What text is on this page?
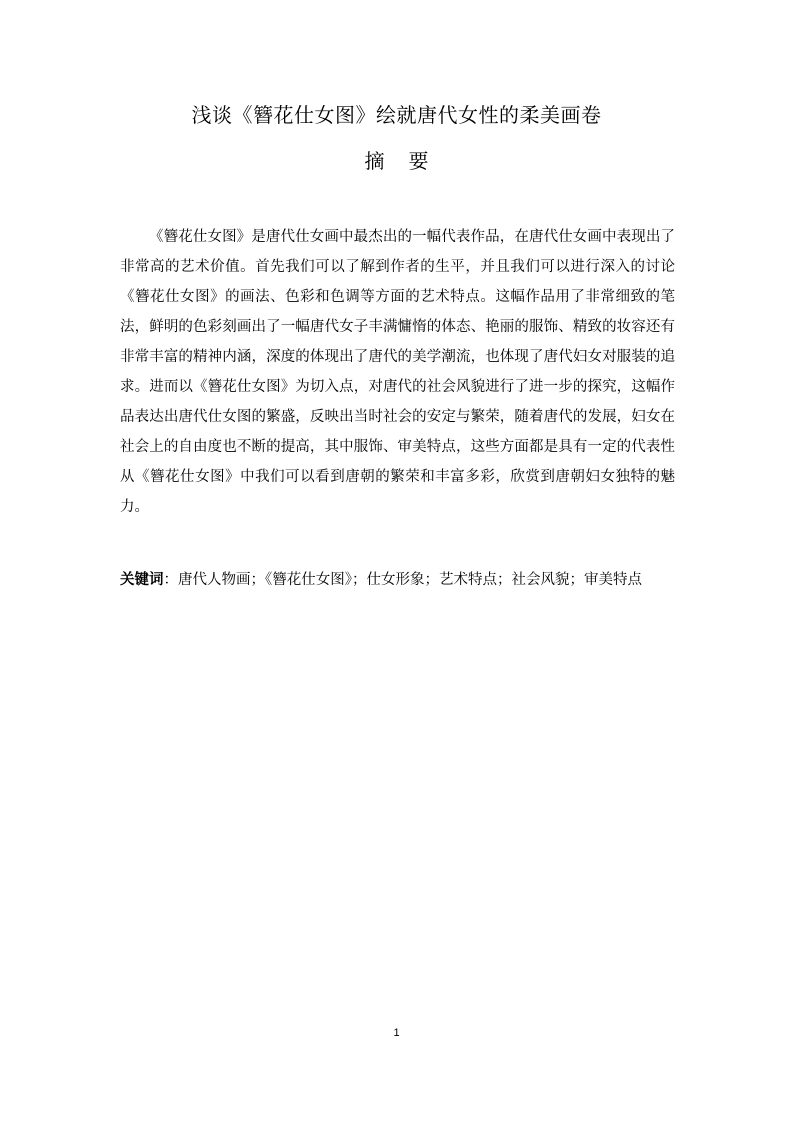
浅谈《簪花仕女图》绘就唐代女性的柔美画卷
摘要

《簪花仕女图》是唐代仕女画中最杰出的一幅代表作品，在唐代仕女画中表现出了非常高的艺术价值。首先我们可以了解到作者的生平，并且我们可以进行深入的讨论《簪花仕女图》的画法、色彩和色调等方面的艺术特点。这幅作品用了非常细致的笔法，鲜明的色彩刻画出了一幅唐代女子丰满慵惰的体态、艳丽的服饰、精致的妆容还有非常丰富的精神内涵，深度的体现出了唐代的美学潮流，也体现了唐代妇女对服装的追求。进而以《簪花仕女图》为切入点，对唐代的社会风貌进行了进一步的探究，这幅作品表达出唐代仕女图的繁盛，反映出当时社会的安定与繁荣，随着唐代的发展，妇女在社会上的自由度也不断的提高，其中服饰、审美特点，这些方面都是具有一定的代表性从《簪花仕女图》中我们可以看到唐朝的繁荣和丰富多彩，欣赏到唐朝妇女独特的魅力。

关键词：唐代人物画；《簪花仕女图》；仕女形象；艺术特点；社会风貌；审美特点

1
